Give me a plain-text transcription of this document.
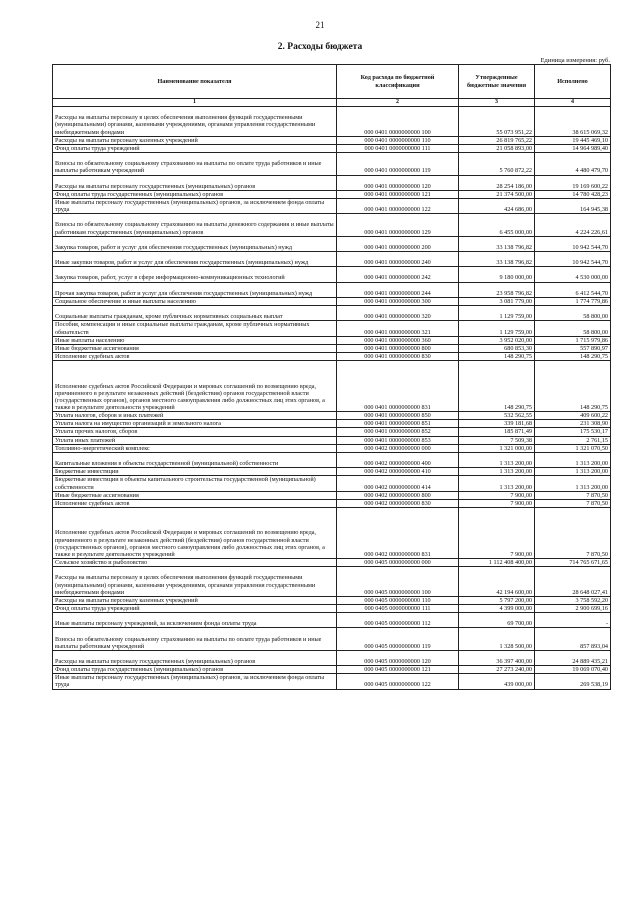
21
2. Расходы бюджета
Единица измерения: руб.
Наименование показателя	Код расхода по бюджетной классификации	Утвержденные бюджетные значения	Исполнено
1	2	3	4
Расходы на выплаты персоналу в целях обеспечения выполнения функций государственными (муниципальными) органами, казенными учреждениями, органами управления государственными внебюджетными фондами	000 0401 0000000000 100	55 073 951,22	38 615 069,32
Расходы на выплаты персоналу казенных учреждений	000 0401 0000000000 110	26 819 765,22	19 445 469,10
Фонд оплаты труда учреждений	000 0401 0000000000 111	21 058 893,00	14 964 989,40
Взносы по обязательному социальному страхованию на выплаты по оплате труда работников и иные выплаты работникам учреждений	000 0401 0000000000 119	5 760 872,22	4 480 479,70
Расходы на выплаты персоналу государственных (муниципальных) органов	000 0401 0000000000 120	28 254 186,00	19 169 600,22
Фонд оплаты труда государственных (муниципальных) органов	000 0401 0000000000 121	21 374 500,00	14 780 428,23
Иные выплаты персоналу государственных (муниципальных) органов, за исключением фонда оплаты труда	000 0401 0000000000 122	424 686,00	164 945,38
Взносы по обязательному социальному страхованию на выплаты денежного содержания и иные выплаты работникам государственных (муниципальных) органов	000 0401 0000000000 129	6 455 000,00	4 224 226,61
Закупка товаров, работ и услуг для обеспечения государственных (муниципальных) нужд	000 0401 0000000000 200	33 138 796,82	10 942 544,70
Иные закупки товаров, работ и услуг для обеспечения государственных (муниципальных) нужд	000 0401 0000000000 240	33 138 796,82	10 942 544,70
Закупка товаров, работ, услуг в сфере информационно-коммуникационных технологий	000 0401 0000000000 242	9 180 000,00	4 530 000,00
Прочая закупка товаров, работ и услуг для обеспечения государственных (муниципальных) нужд	000 0401 0000000000 244	23 958 796,82	6 412 544,70
Социальное обеспечение и иные выплаты населению	000 0401 0000000000 300	3 081 779,00	1 774 779,86
Социальные выплаты гражданам, кроме публичных нормативных социальных выплат	000 0401 0000000000 320	1 129 759,00	58 800,00
Пособия, компенсации и иные социальные выплаты гражданам, кроме публичных нормативных обязательств	000 0401 0000000000 321	1 129 759,00	58 800,00
Иные выплаты населению	000 0401 0000000000 360	3 952 020,00	1 715 979,86
Иные бюджетные ассигнования	000 0401 0000000000 800	680 853,30	557 890,97
Исполнение судебных актов	000 0401 0000000000 830	148 290,75	148 290,75
Исполнение судебных актов Российской Федерации и мировых соглашений по возмещению вреда, причиненного в результате незаконных действий (бездействия) органов государственной власти (государственных органов), органов местного самоуправления либо должностных лиц этих органов, а также в результате деятельности учреждений	000 0401 0000000000 831	148 290,75	148 290,75
Уплата налогов, сборов и иных платежей	000 0401 0000000000 850	532 562,55	409 600,22
Уплата налога на имущество организаций и земельного налога	000 0401 0000000000 851	339 181,68	231 308,90
Уплата прочих налогов, сборов	000 0401 0000000000 852	185 871,49	175 530,17
Уплата иных платежей	000 0401 0000000000 853	7 509,38	2 761,15
Топливно-энергетический комплекс	000 0402 0000000000 000	1 321 000,00	1 321 070,50
Капитальные вложения в объекты государственной (муниципальной) собственности	000 0402 0000000000 400	1 313 200,00	1 313 200,00
Бюджетные инвестиции	000 0402 0000000000 410	1 313 200,00	1 313 200,00
Бюджетные инвестиции в объекты капитального строительства государственной (муниципальной) собственности	000 0402 0000000000 414	1 313 200,00	1 313 200,00
Иные бюджетные ассигнования	000 0402 0000000000 800	7 900,00	7 870,50
Исполнение судебных актов	000 0402 0000000000 830	7 900,00	7 870,50
Исполнение судебных актов Российской Федерации и мировых соглашений по возмещению вреда, причиненного в результате незаконных действий (бездействия) органов государственной власти (государственных органов), органов местного самоуправления либо должностных лиц этих органов, а также в результате деятельности учреждений	000 0402 0000000000 831	7 900,00	7 870,50
Сельское хозяйство и рыболовство	000 0405 0000000000 000	1 112 408 400,00	714 765 671,65
Расходы на выплаты персоналу в целях обеспечения выполнения функций государственными (муниципальными) органами, казенными учреждениями, органами управления государственными внебюджетными фондами	000 0405 0000000000 100	42 194 600,00	28 648 027,41
Расходы на выплаты персоналу казенных учреждений	000 0405 0000000000 110	5 797 200,00	3 758 592,20
Фонд оплаты труда учреждений	000 0405 0000000000 111	4 399 000,00	2 900 699,16
Иные выплаты персоналу учреждений, за исключением фонда оплаты труда	000 0405 0000000000 112	69 700,00	-
Взносы по обязательному социальному страхованию на выплаты по оплате труда работников и иные выплаты работникам учреждений	000 0405 0000000000 119	1 328 500,00	857 893,04
Расходы на выплаты персоналу государственных (муниципальных) органов	000 0405 0000000000 120	36 397 400,00	24 889 435,21
Фонд оплаты труда государственных (муниципальных) органов	000 0405 0000000000 121	27 273 240,00	19 069 070,40
Иные выплаты персоналу государственных (муниципальных) органов, за исключением фонда оплаты труда	000 0405 0000000000 122	439 000,00	269 538,19
